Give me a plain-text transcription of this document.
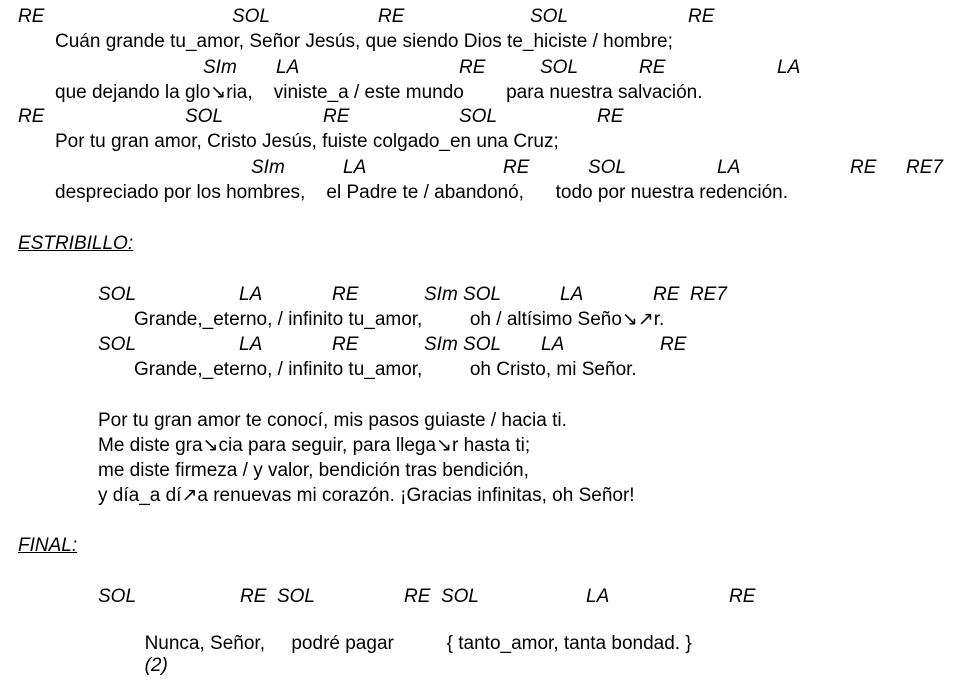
RE	SOL	RE	SOL	RE
Cuán grande tu_amor, Señor Jesús, que siendo Dios te_hiciste / hombre;
SIm LA	RE	SOL	RE	LA
que dejando la glo↘ria,    viniste_a / este mundo        para nuestra salvación.
RE	SOL	RE	SOL	RE
Por tu gran amor, Cristo Jesús, fuiste colgado_en una Cruz;
SIm	LA	RE	SOL	LA	RE RE7
despreciado por los hombres,    el Padre te / abandonó,      todo por nuestra redención.
ESTRIBILLO:
SOL	LA	RE	SIm SOL	LA	RE  RE7
Grande,_eterno, / infinito tu_amor,         oh / altísimo Seño↘↗r.
SOL	LA	RE	SIm SOL LA	RE
Grande,_eterno, / infinito tu_amor,         oh Cristo, mi Señor.
Por tu gran amor te conocí, mis pasos guiaste / hacia ti.
Me diste gra↘cia para seguir, para llega↘r hasta ti;
me diste firmeza / y valor, bendición tras bendición,
y día_a dí↗a renuevas mi corazón. ¡Gracias infinitas, oh Señor!
FINAL:
SOL	RE  SOL	RE  SOL	LA	RE

Nunca, Señor,     podré pagar          { tanto_amor, tanta bondad. }
(2)
